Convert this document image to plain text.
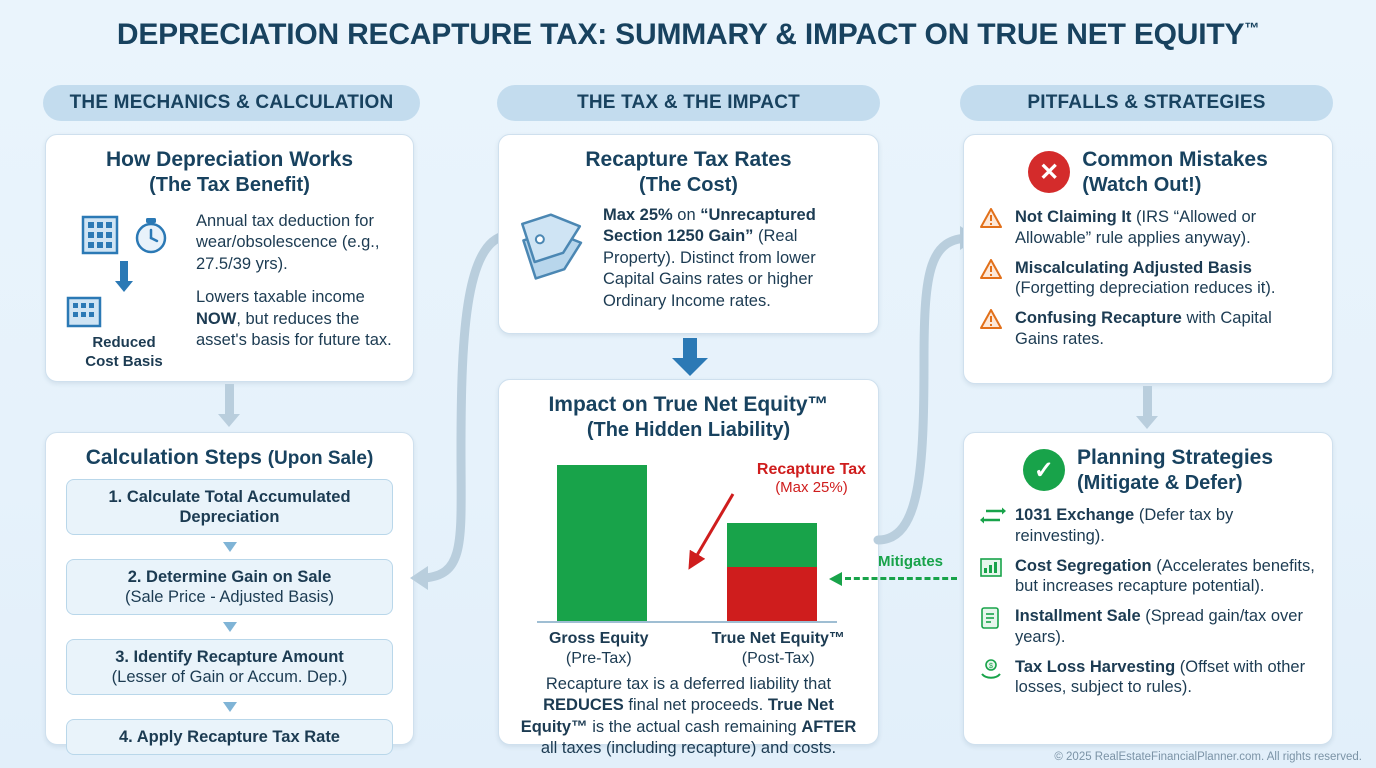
DEPRECIATION RECAPTURE TAX: SUMMARY & IMPACT ON TRUE NET EQUITY™
THE MECHANICS & CALCULATION	THE TAX & THE IMPACT	PITFALLS & STRATEGIES
How Depreciation Works
(The Tax Benefit)
Reduced
Cost Basis

Annual tax deduction for wear/obsolescence (e.g., 27.5/39 yrs).

Lowers taxable income NOW, but reduces the asset's basis for future tax.

Calculation Steps (Upon Sale)
1. Calculate Total Accumulated Depreciation
2. Determine Gain on Sale
(Sale Price - Adjusted Basis)
3. Identify Recapture Amount
(Lesser of Gain or Accum. Dep.)
4. Apply Recapture Tax Rate
Recapture Tax Rates
(The Cost)
Max 25% on “Unrecaptured Section 1250 Gain” (Real Property). Distinct from lower Capital Gains rates or higher Ordinary Income rates.
Impact on True Net Equity™
(The Hidden Liability)
Recapture Tax
(Max 25%)
Gross Equity
(Pre-Tax)
True Net Equity™
(Post-Tax)
Recapture tax is a deferred liability that REDUCES final net proceeds. True Net Equity™ is the actual cash remaining AFTER all taxes (including recapture) and costs.
Mitigates
✕	Common Mistakes
(Watch Out!)
Not Claiming It (IRS “Allowed or Allowable” rule applies anyway).
Miscalculating Adjusted Basis (Forgetting depreciation reduces it).
Confusing Recapture with Capital Gains rates.
✓	Planning Strategies
(Mitigate & Defer)
1031 Exchange (Defer tax by reinvesting).
Cost Segregation (Accelerates benefits, but increases recapture potential).
Installment Sale (Spread gain/tax over years).
$ Tax Loss Harvesting (Offset with other losses, subject to rules).
© 2025 RealEstateFinancialPlanner.com. All rights reserved.
